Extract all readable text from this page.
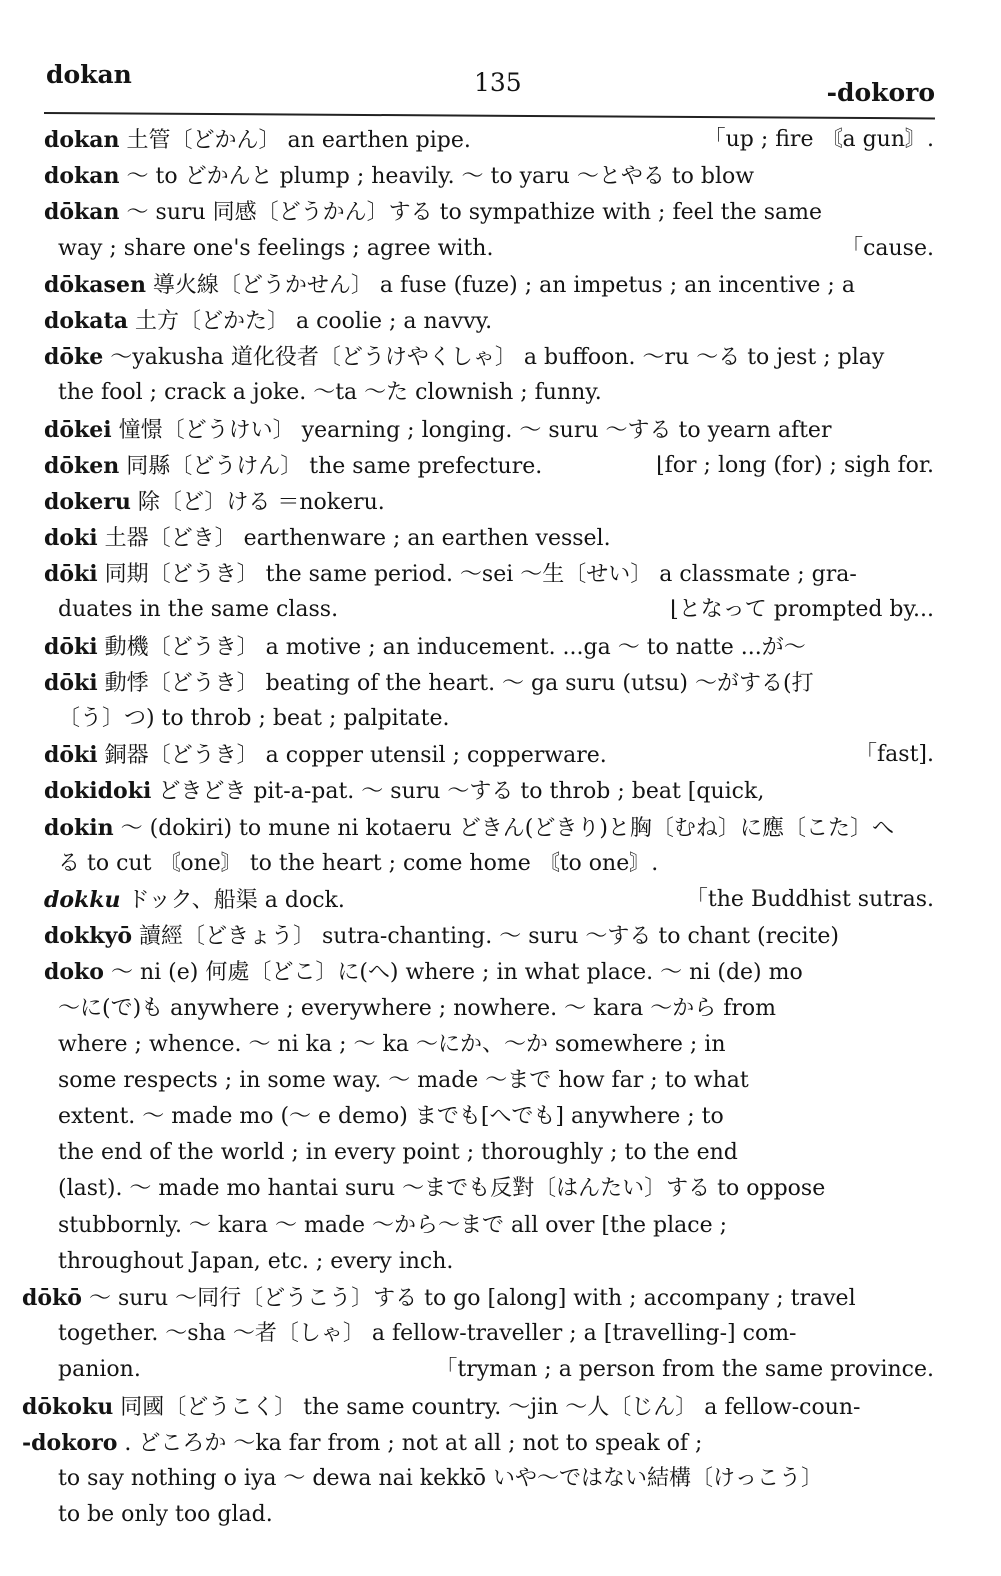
dokan	135	-dokoro
dokan 土管〔どかん〕 an earthen pipe.	「up ; fire 〘a gun〙.
dokan ～ to どかんと plump ; heavily. ～ to yaru ～とやる to blow
dōkan ～ suru 同感〔どうかん〕する to sympathize with ; feel the same
way ; share one's feelings ; agree with.	「cause.
dōkasen 導火線〔どうかせん〕 a fuse (fuze) ; an impetus ; an incentive ; a
dokata 土方〔どかた〕 a coolie ; a navvy.
dōke ～yakusha 道化役者〔どうけやくしゃ〕 a buffoon. ～ru ～る to jest ; play
the fool ; crack a joke. ～ta ～た clownish ; funny.
dōkei 憧憬〔どうけい〕 yearning ; longing. ～ suru ～する to yearn after
dōken 同縣〔どうけん〕 the same prefecture.	⌊for ; long (for) ; sigh for.
dokeru 除〔ど〕ける ＝nokeru.
doki 土器〔どき〕 earthenware ; an earthen vessel.
dōki 同期〔どうき〕 the same period. ～sei ～生〔せい〕 a classmate ; gra-
duates in the same class.	⌊となって prompted by...
dōki 動機〔どうき〕 a motive ; an inducement. ...ga ～ to natte ...が～
dōki 動悸〔どうき〕 beating of the heart. ～ ga suru (utsu) ～がする(打
〔う〕つ) to throb ; beat ; palpitate.
dōki 銅器〔どうき〕 a copper utensil ; copperware.	「fast].
dokidoki どきどき pit-a-pat. ～ suru ～する to throb ; beat [quick,
dokin ～ (dokiri) to mune ni kotaeru どきん(どきり)と胸〔むね〕に應〔こた〕へ
る to cut 〘one〙 to the heart ; come home 〘to one〙.
dokku ドック、船渠 a dock.	「the Buddhist sutras.
dokkyō 讀經〔どきょう〕 sutra-chanting. ～ suru ～する to chant (recite)
doko ～ ni (e) 何處〔どこ〕に(へ) where ; in what place. ～ ni (de) mo
～に(で)も anywhere ; everywhere ; nowhere. ～ kara ～から from
where ; whence. ～ ni ka ; ～ ka ～にか、～か somewhere ; in
some respects ; in some way. ～ made ～まで how far ; to what
extent. ～ made mo (～ e demo) までも[へでも] anywhere ; to
the end of the world ; in every point ; thoroughly ; to the end
(last). ～ made mo hantai suru ～までも反對〔はんたい〕する to oppose
stubbornly. ～ kara ～ made ～から～まで all over [the place ;
throughout Japan, etc. ; every inch.
dōkō ～ suru ～同行〔どうこう〕する to go [along] with ; accompany ; travel
together. ～sha ～者〔しゃ〕 a fellow-traveller ; a [travelling-] com-
panion.	「tryman ; a person from the same province.
dōkoku 同國〔どうこく〕 the same country. ～jin ～人〔じん〕 a fellow-coun-
-dokoro . どころか ～ka far from ; not at all ; not to speak of ;
to say nothing o iya ～ dewa nai kekkō いや～ではない結構〔けっこう〕
to be only too glad.
